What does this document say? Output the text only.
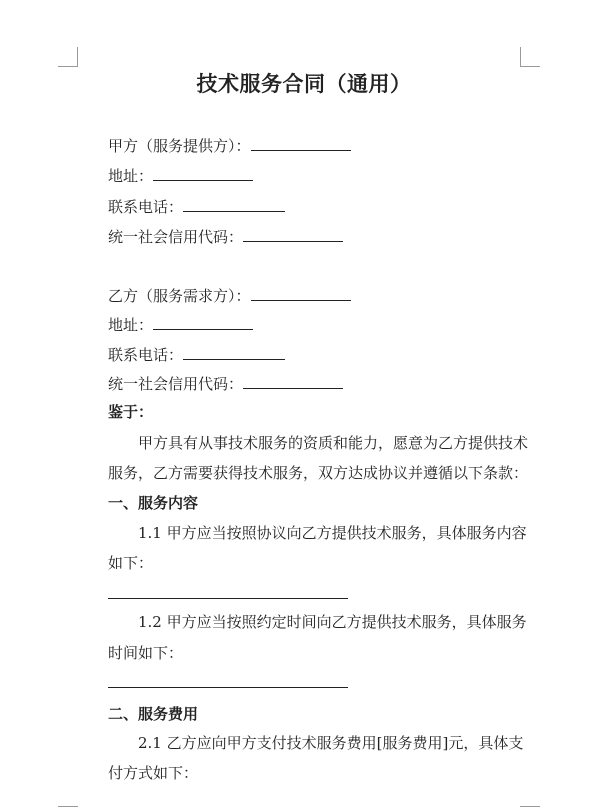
技术服务合同（通用）
甲方（服务提供方）：
地址：
联系电话：
统一社会信用代码：
乙方（服务需求方）：
地址：
联系电话：
统一社会信用代码：
鉴于：
　　甲方具有从事技术服务的资质和能力，愿意为乙方提供技术
服务，乙方需要获得技术服务，双方达成协议并遵循以下条款：
一、服务内容
　　1.1 甲方应当按照协议向乙方提供技术服务，具体服务内容
如下：
　　1.2 甲方应当按照约定时间向乙方提供技术服务，具体服务
时间如下：
二、服务费用
　　2.1 乙方应向甲方支付技术服务费用[服务费用]元，具体支
付方式如下：
